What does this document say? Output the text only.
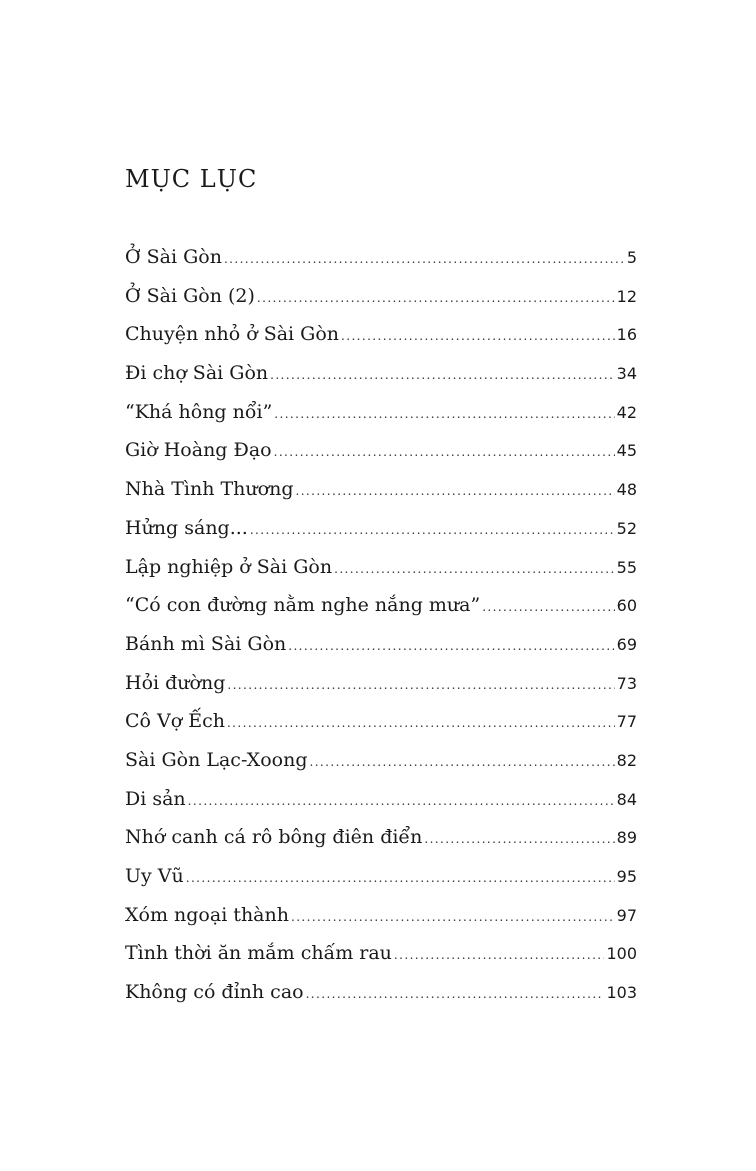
MỤC LỤC
Ở Sài Gòn .....	5
Ở Sài Gòn (2) .....	12
Chuyện nhỏ ở Sài Gòn .....	16
Đi chợ Sài Gòn .....	34
“Khá hông nổi” .....	42
Giờ Hoàng Đạo .....	45
Nhà Tình Thương .....	48
Hửng sáng... .....	52
Lập nghiệp ở Sài Gòn .....	55
“Có con đường nằm nghe nắng mưa” .....	60
Bánh mì Sài Gòn .....	69
Hỏi đường .....	73
Cô Vợ Ếch .....	77
Sài Gòn Lạc-Xoong .....	82
Di sản .....	84
Nhớ canh cá rô bông điên điển .....	89
Uy Vũ .....	95
Xóm ngoại thành .....	97
Tình thời ăn mắm chấm rau .....	100
Không có đỉnh cao .....	103
